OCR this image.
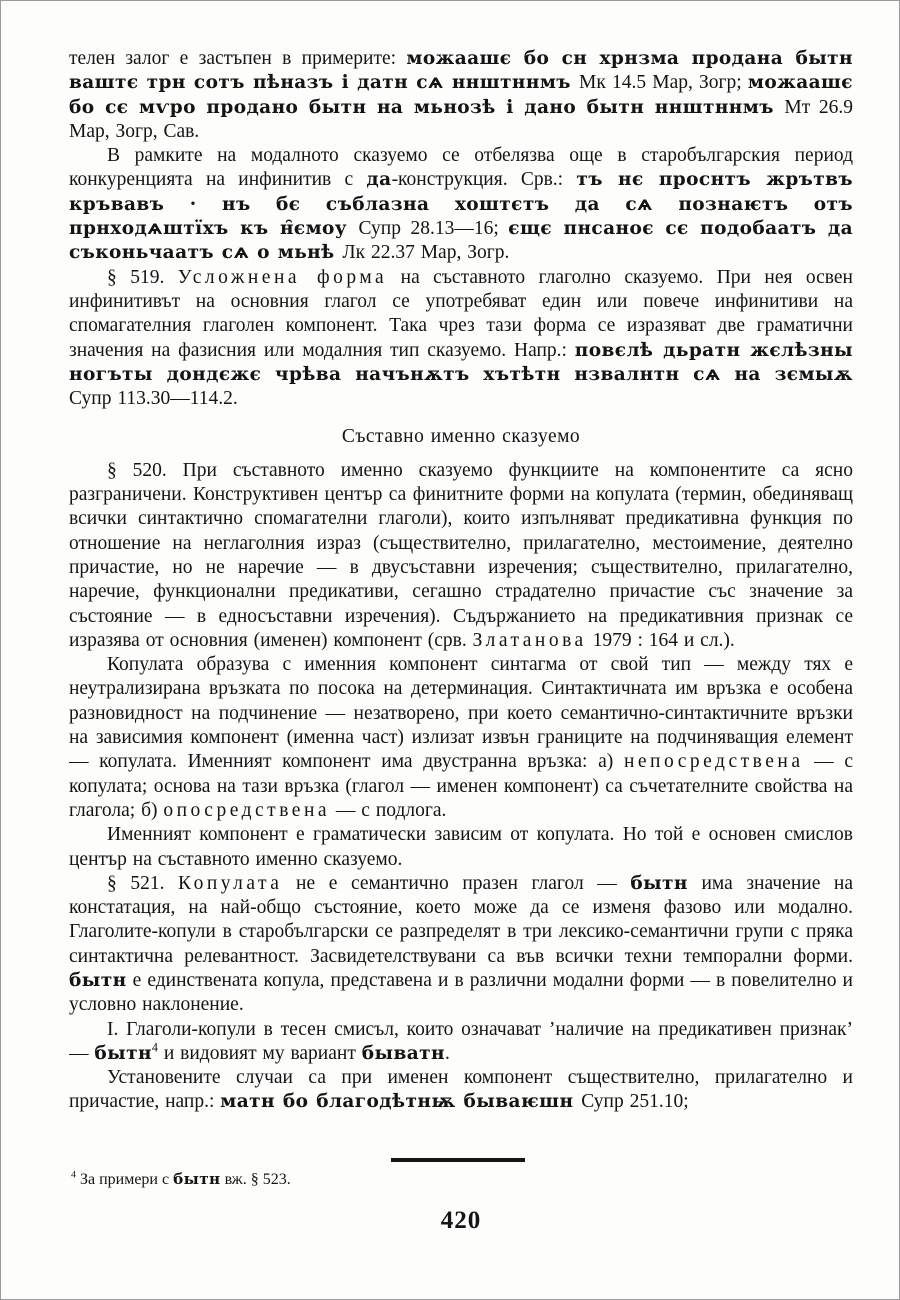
телен залог е застъпен в примерите: можаашє бо сн хрнзма продана бытн ваштє трн сотъ пѣназъ і датн сѧ ннштннмъ Мк 14.5 Мар, Зогр; можаашє бо сє мѵро продано бытн на мьнозѣ і дано бытн ннштннмъ Мт 26.9 Мар, Зогр, Сав.

В рамките на модалното сказуемо се отбелязва още в старобългарския период конкуренцията на инфинитив с да-конструкция. Срв.: тъ нє проснтъ жрътвъ кръвавъ · нъ бє съблазна хоштєтъ да сѧ познаѥтъ отъ прнходѧштїхъ къ н̑ємоу Супр 28.13—16; єщє пнсаноє сє подобаатъ да съконьчаатъ сѧ о мьнѣ Лк 22.37 Мар, Зогр.

§ 519. Усложнена форма на съставното глаголно сказуемо. При нея освен инфинитивът на основния глагол се употребяват един или повече инфинитиви на спомагателния глаголен компонент. Така чрез тази форма се изразяват две граматични значения на фазисния или модалния тип сказуемо. Напр.: повєлѣ дьратн жєлѣзны ногъты дондєжє чрѣва начънѫтъ хътѣтн нзвалнтн сѧ на зємыѫ Супр 113.30—114.2.

Съставно именно сказуемо

§ 520. При съставното именно сказуемо функциите на компонентите са ясно разграничени. Конструктивен център са финитните форми на копулата (термин, обединяващ всички синтактично спомагателни глаголи), които изпълняват предикативна функция по отношение на неглаголния израз (съществително, прилагателно, местоимение, деятелно причастие, но не наречие — в двусъставни изречения; съществително, прилагателно, наречие, функционални предикативи, сегашно страдателно причастие със значение за състояние — в едносъставни изречения). Съдържанието на предикативния признак се изразява от основния (именен) компонент (срв. Златанова 1979 : 164 и сл.).

Копулата образува с именния компонент синтагма от свой тип — между тях е неутрализирана връзката по посока на детерминация. Синтактичната им връзка е особена разновидност на подчинение — незатворено, при което семантично-синтактичните връзки на зависимия компонент (именна част) излизат извън границите на подчиняващия елемент — копулата. Именният компонент има двустранна връзка: а) непосредствена — с копулата; основа на тази връзка (глагол — именен компонент) са съчетателните свойства на глагола; б) опосредствена — с подлога.

Именният компонент е граматически зависим от копулата. Но той е основен смислов център на съставното именно сказуемо.

§ 521. Копулата не е семантично празен глагол — бытн има значение на констатация, на най-общо състояние, което може да се изменя фазово или модално. Глаголите-копули в старобългарски се разпределят в три лексико-семантични групи с пряка синтактична релевантност. Засвидетелствувани са във всички техни темпорални форми. бытн е единствената копула, представена и в различни модални форми — в повелително и условно наклонение.

I. Глаголи-копули в тесен смисъл, които означават ’наличие на предикативен признак’ — бытн$^4$ и видовият му вариант быватн.

Установените случаи са при именен компонент съществително, прилагателно и причастие, напр.: матн бо благодѣтнѭ бываѥшн Супр 251.10;

$^4$ За примери с бытн вж. § 523.
420
